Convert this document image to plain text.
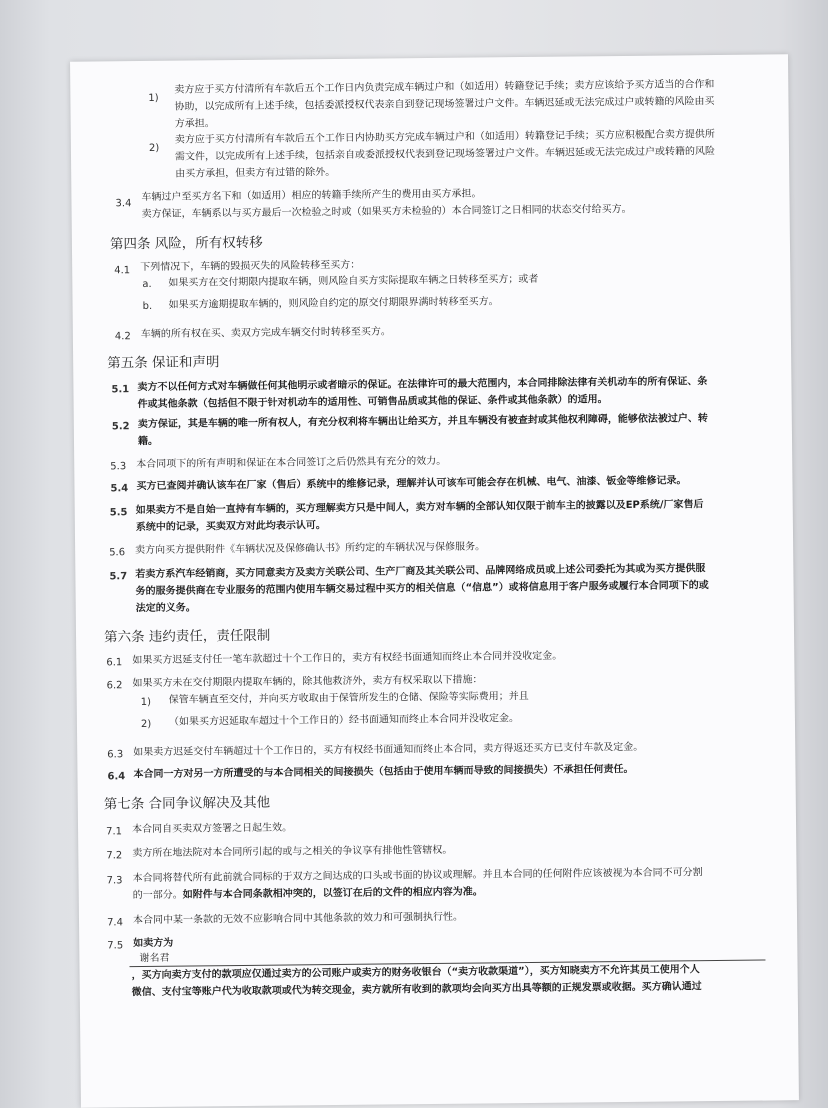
1)
卖方应于买方付清所有车款后五个工作日内负责完成车辆过户和（如适用）转籍登记手续；卖方应该给予买方适当的合作和
协助，以完成所有上述手续，包括委派授权代表亲自到登记现场签署过户文件。车辆迟延或无法完成过户或转籍的风险由买
方承担。
2)
卖方应于买方付清所有车款后五个工作日内协助买方完成车辆过户和（如适用）转籍登记手续；买方应积极配合卖方提供所
需文件，以完成所有上述手续，包括亲自或委派授权代表到登记现场签署过户文件。车辆迟延或无法完成过户或转籍的风险
由买方承担，但卖方有过错的除外。
3.4
车辆过户至买方名下和（如适用）相应的转籍手续所产生的费用由买方承担。
卖方保证，车辆系以与买方最后一次检验之时或（如果买方未检验的）本合同签订之日相同的状态交付给买方。
第四条 风险，所有权转移
4.1 下列情况下，车辆的毁损灭失的风险转移至买方：
a. 如果买方在交付期限内提取车辆，则风险自买方实际提取车辆之日转移至买方；或者
b. 如果买方逾期提取车辆的，则风险自约定的原交付期限界满时转移至买方。
4.2 车辆的所有权在买、卖双方完成车辆交付时转移至买方。
第五条 保证和声明
5.1 卖方不以任何方式对车辆做任何其他明示或者暗示的保证。在法律许可的最大范围内，本合同排除法律有关机动车的所有保证、条
件或其他条款（包括但不限于针对机动车的适用性、可销售品质或其他的保证、条件或其他条款）的适用。
5.2 卖方保证，其是车辆的唯一所有权人，有充分权利将车辆出让给买方，并且车辆没有被查封或其他权利障碍，能够依法被过户、转
籍。
5.3 本合同项下的所有声明和保证在本合同签订之后仍然具有充分的效力。
5.4 买方已查阅并确认该车在厂家（售后）系统中的维修记录，理解并认可该车可能会存在机械、电气、油漆、钣金等维修记录。
5.5 如果卖方不是自始一直持有车辆的，买方理解卖方只是中间人，卖方对车辆的全部认知仅限于前车主的披露以及EP系统/厂家售后
系统中的记录，买卖双方对此均表示认可。
5.6 卖方向买方提供附件《车辆状况及保修确认书》所约定的车辆状况与保修服务。
5.7 若卖方系汽车经销商，买方同意卖方及卖方关联公司、生产厂商及其关联公司、品牌网络成员或上述公司委托为其或为买方提供服
务的服务提供商在专业服务的范围内使用车辆交易过程中买方的相关信息（“信息”）或将信息用于客户服务或履行本合同项下的或
法定的义务。
第六条 违约责任，责任限制
6.1 如果买方迟延支付任一笔车款超过十个工作日的，卖方有权经书面通知而终止本合同并没收定金。
6.2 如果买方未在交付期限内提取车辆的，除其他救济外，卖方有权采取以下措施：
1) 保管车辆直至交付，并向买方收取由于保管所发生的仓储、保险等实际费用；并且
2) （如果买方迟延取车超过十个工作日的）经书面通知而终止本合同并没收定金。
6.3 如果卖方迟延交付车辆超过十个工作日的，买方有权经书面通知而终止本合同，卖方得返还买方已支付车款及定金。
6.4 本合同一方对另一方所遭受的与本合同相关的间接损失（包括由于使用车辆而导致的间接损失）不承担任何责任。
第七条 合同争议解决及其他
7.1 本合同自买卖双方签署之日起生效。
7.2 卖方所在地法院对本合同所引起的或与之相关的争议享有排他性管辖权。
7.3 本合同将替代所有此前就合同标的于双方之间达成的口头或书面的协议或理解。并且本合同的任何附件应该被视为本合同不可分割
的一部分。如附件与本合同条款相冲突的，以签订在后的文件的相应内容为准。
7.4 本合同中某一条款的无效不应影响合同中其他条款的效力和可强制执行性。
7.5 如卖方为
谢名君
，买方向卖方支付的款项应仅通过卖方的公司账户或卖方的财务收银台（“卖方收款渠道”），买方知晓卖方不允许其员工使用个人
微信、支付宝等账户代为收取款项或代为转交现金，卖方就所有收到的款项均会向买方出具等额的正规发票或收据。买方确认通过
